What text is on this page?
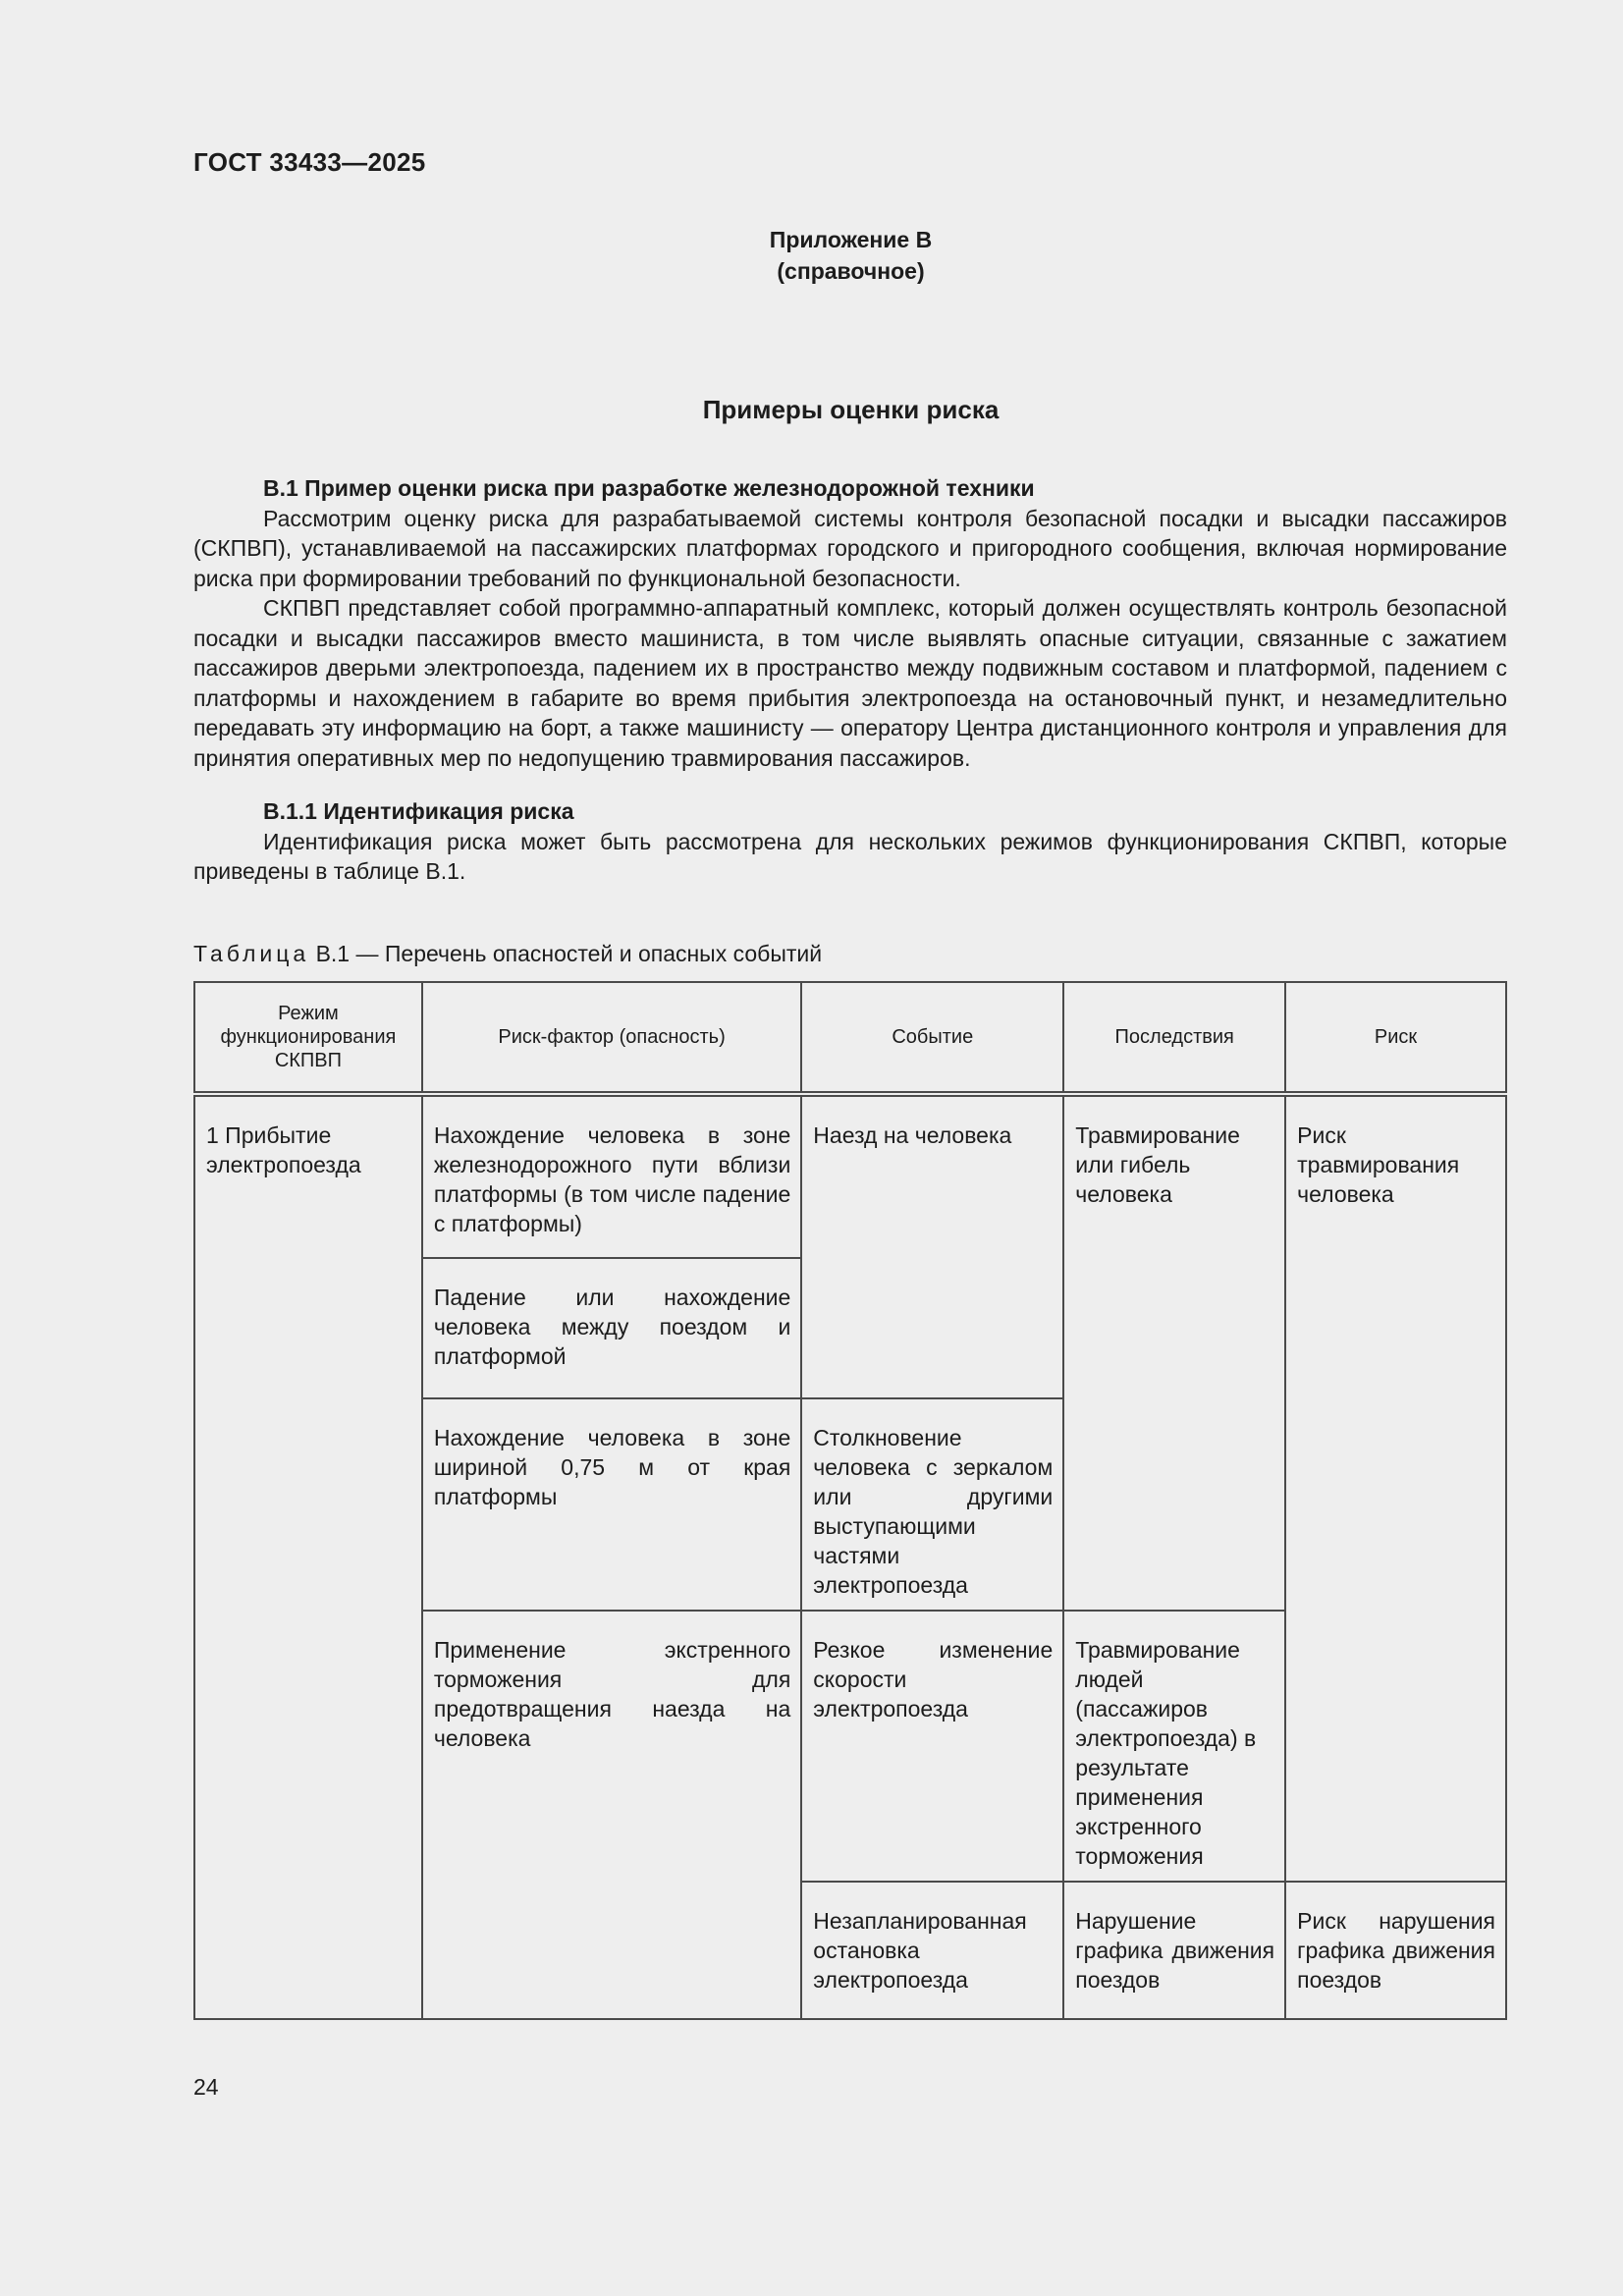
ГОСТ 33433—2025
Приложение В
(справочное)
Примеры оценки риска
В.1 Пример оценки риска при разработке железнодорожной техники

Рассмотрим оценку риска для разрабатываемой системы контроля безопасной посадки и высадки пассажиров (СКПВП), устанавливаемой на пассажирских платформах городского и пригородного сообщения, включая нормирование риска при формировании требований по функциональной безопасности.

СКПВП представляет собой программно-аппаратный комплекс, который должен осуществлять контроль безопасной посадки и высадки пассажиров вместо машиниста, в том числе выявлять опасные ситуации, связанные с зажатием пассажиров дверьми электропоезда, падением их в пространство между подвижным составом и платформой, падением с платформы и нахождением в габарите во время прибытия электропоезда на остановочный пункт, и незамедлительно передавать эту информацию на борт, а также машинисту — оператору Центра дистанционного контроля и управления для принятия оперативных мер по недопущению травмирования пассажиров.

В.1.1 Идентификация риска

Идентификация риска может быть рассмотрена для нескольких режимов функционирования СКПВП, которые приведены в таблице В.1.

Таблица В.1 — Перечень опасностей и опасных событий
Режим функционирования СКПВП	Риск-фактор (опасность)	Событие	Последствия	Риск
1 Прибытие электропоезда	Нахождение человека в зоне железнодорожного пути вблизи платформы (в том числе падение с платформы)	Наезд на человека	Травмирование или гибель человека	Риск травмирования человека
	Падение или нахождение человека между поездом и платформой			
	Нахождение человека в зоне шириной 0,75 м от края платформы	Столкновение человека с зеркалом или другими выступающими частями электропоезда		
	Применение экстренного торможения для предотвращения наезда на человека	Резкое изменение скорости электропоезда	Травмирование людей (пассажиров электропоезда) в результате применения экстренного торможения	
		Незапланированная остановка электропоезда	Нарушение графика движения поездов	Риск нарушения графика движения поездов
24
